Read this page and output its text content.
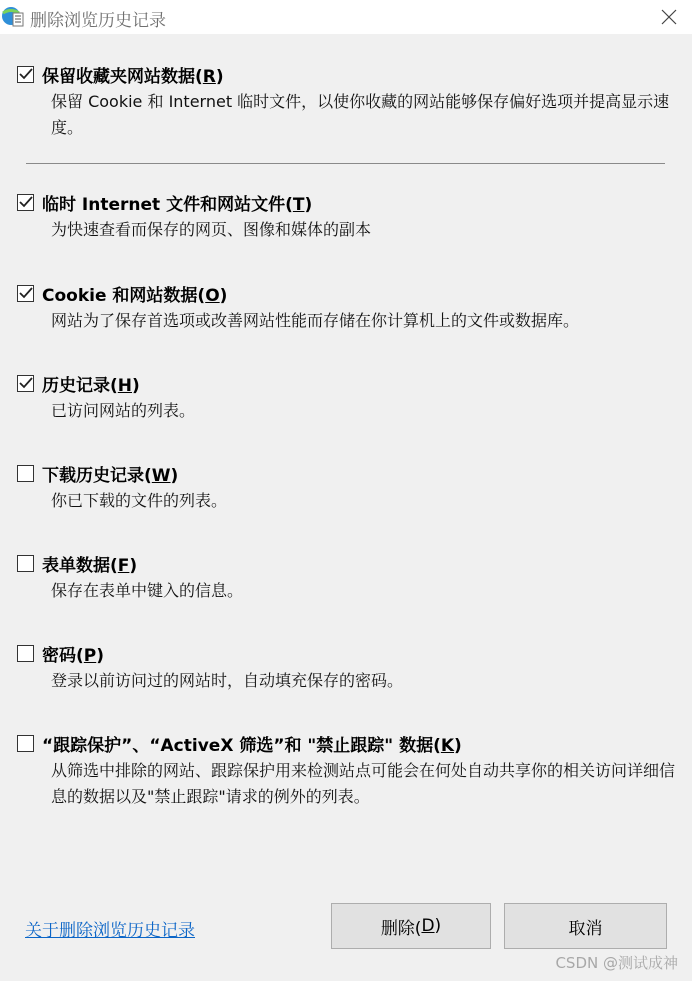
删除浏览历史记录
保留收藏夹网站数据(R)
保留 Cookie 和 Internet 临时文件，以使你收藏的网站能够保存偏好选项并提高显示速度。
临时 Internet 文件和网站文件(T)
为快速查看而保存的网页、图像和媒体的副本
Cookie 和网站数据(O)
网站为了保存首选项或改善网站性能而存储在你计算机上的文件或数据库。
历史记录(H)
已访问网站的列表。
下载历史记录(W)
你已下载的文件的列表。
表单数据(F)
保存在表单中键入的信息。
密码(P)
登录以前访问过的网站时，自动填充保存的密码。
“跟踪保护”、“ActiveX 筛选”和 "禁止跟踪" 数据(K)
从筛选中排除的网站、跟踪保护用来检测站点可能会在何处自动共享你的相关访问详细信息的数据以及"禁止跟踪"请求的例外的列表。
关于删除浏览历史记录	删除( D )	取消
CSDN @测试成神
